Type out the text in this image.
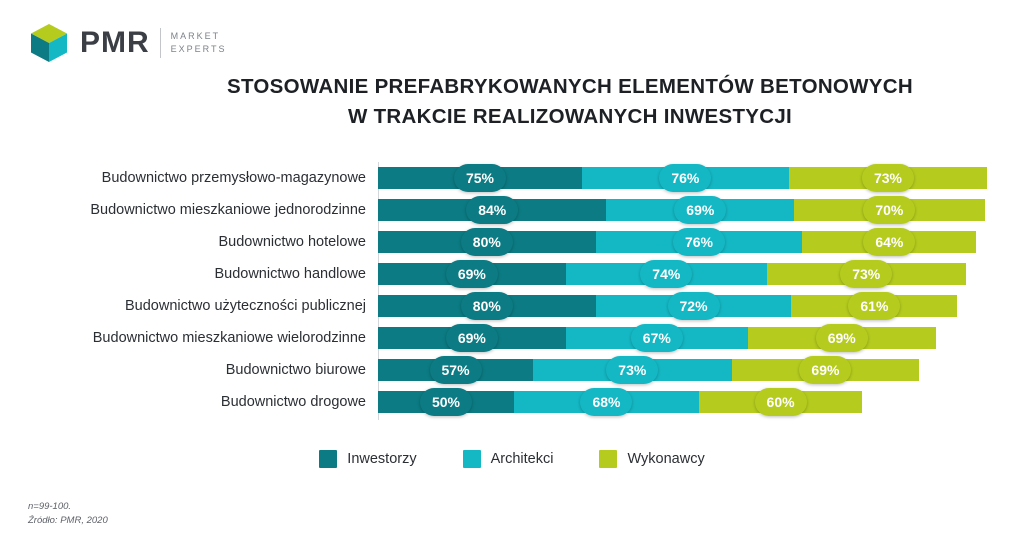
PMR MARKET
EXPERTS
STOSOWANIE PREFABRYKOWANYCH ELEMENTÓW BETONOWYCH
W TRAKCIE REALIZOWANYCH INWESTYCJI
Budownictwo przemysłowo-magazynowe	75%	76%	73%
Budownictwo mieszkaniowe jednorodzinne	84%	69%	70%
Budownictwo hotelowe	80%	76%	64%
Budownictwo handlowe	69%	74%	73%
Budownictwo użyteczności publicznej	80%	72%	61%
Budownictwo mieszkaniowe wielorodzinne	69%	67%	69%
Budownictwo biurowe	57%	73%	69%
Budownictwo drogowe	50%	68%	60%
Inwestorzy	Architekci	Wykonawcy
n=99-100.
Źródło: PMR, 2020
